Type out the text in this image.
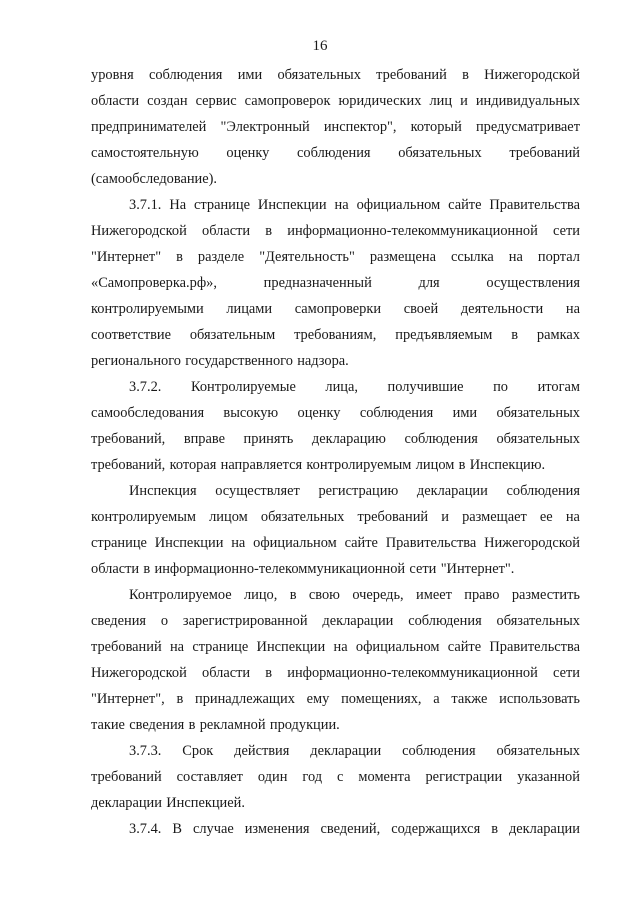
16
уровня соблюдения ими обязательных требований в Нижегородской
области создан сервис самопроверок юридических лиц и индивидуальных
предпринимателей "Электронный инспектор", который предусматривает
самостоятельную оценку соблюдения обязательных требований
(самообследование).
3.7.1. На странице Инспекции на официальном сайте Правительства
Нижегородской области в информационно-телекоммуникационной сети
"Интернет" в разделе "Деятельность" размещена ссылка на портал
«Самопроверка.рф»,	предназначенный	для	осуществления
контролируемыми лицами самопроверки своей деятельности на
соответствие обязательным требованиям, предъявляемым в рамках
регионального государственного надзора.
3.7.2. Контролируемые лица, получившие по итогам
самообследования высокую оценку соблюдения ими обязательных
требований, вправе принять декларацию соблюдения обязательных
требований, которая направляется контролируемым лицом в Инспекцию.
Инспекция осуществляет регистрацию декларации соблюдения
контролируемым лицом обязательных требований и размещает ее на
странице Инспекции на официальном сайте Правительства Нижегородской
области в информационно-телекоммуникационной сети "Интернет".
Контролируемое лицо, в свою очередь, имеет право разместить
сведения о зарегистрированной декларации соблюдения обязательных
требований на странице Инспекции на официальном сайте Правительства
Нижегородской области в информационно-телекоммуникационной сети
"Интернет", в принадлежащих ему помещениях, а также использовать
такие сведения в рекламной продукции.
3.7.3. Срок действия декларации соблюдения обязательных
требований составляет один год с момента регистрации указанной
декларации Инспекцией.
3.7.4. В случае изменения сведений, содержащихся в декларации
